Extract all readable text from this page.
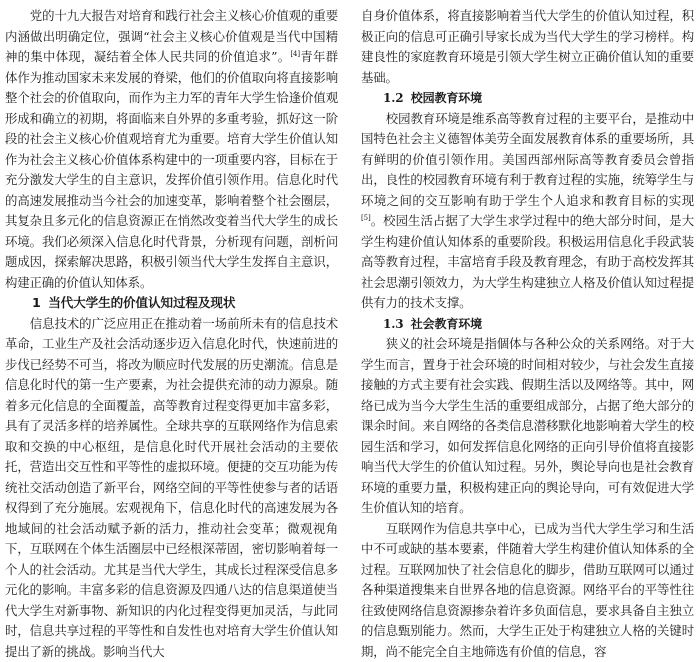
党的十九大报告对培育和践行社会主义核心价值观的重要内涵做出明确定位，强调“社会主义核心价值观是当代中国精神的集中体现，凝结着全体人民共同的价值追求”。[4]青年群体作为推动国家未来发展的脊梁，他们的价值取向将直接影响整个社会的价值取向，而作为主力军的青年大学生恰逢价值观形成和确立的初期，将面临来自外界的多重考验，抓好这一阶段的社会主义核心价值观培育尤为重要。培育大学生价值认知作为社会主义核心价值体系构建中的一项重要内容，目标在于充分激发大学生的自主意识，发挥价值引领作用。信息化时代的高速发展推动当今社会的加速变革，影响着整个社会圈层，其复杂且多元化的信息资源正在悄然改变着当代大学生的成长环境。我们必须深入信息化时代背景，分析现有问题，剖析问题成因，探索解决思路，积极引领当代大学生发挥自主意识，构建正确的价值认知体系。

1 当代大学生的价值认知过程及现状

信息技术的广泛应用正在推动着一场前所未有的信息技术革命，工业生产及社会活动逐步迈入信息化时代，快速前进的步伐已经势不可当，将改为顺应时代发展的历史潮流。信息是信息化时代的第一生产要素，为社会提供充沛的动力源泉。随着多元化信息的全面覆盖，高等教育过程变得更加丰富多彩，具有了灵活多样的培养属性。全球共享的互联网络作为信息索取和交换的中心枢纽，是信息化时代开展社会活动的主要依托，营造出交互性和平等性的虚拟环境。便捷的交互功能为传统社交活动创造了新平台，网络空间的平等性使参与者的话语权得到了充分施展。宏观视角下，信息化时代的高速发展为各地域间的社会活动赋予新的活力，推动社会变革；微观视角下，互联网在个体生活圈层中已经根深蒂固，密切影响着每一个人的社会活动。尤其是当代大学生，其成长过程深受信息多元化的影响。丰富多彩的信息资源及四通八达的信息渠道使当代大学生对新事物、新知识的内化过程变得更加灵活，与此同时，信息共享过程的平等性和自发性也对培育大学生价值认知提出了新的挑战。影响当代大

自身价值体系，将直接影响着当代大学生的价值认知过程，积极正向的信息可正确引导家长成为当代大学生的学习榜样。构建良性的家庭教育环境是引领大学生树立正确价值认知的重要基础。

1.2 校园教育环境

校园教育环境是维系高等教育过程的主要平台，是推动中国特色社会主义德智体美劳全面发展教育体系的重要场所，具有鲜明的价值引领作用。美国西部州际高等教育委员会曾指出，良性的校园教育环境有利于教育过程的实施，统筹学生与环境之间的交互影响有助于学生个人追求和教育目标的实现[5]。校园生活占据了大学生求学过程中的绝大部分时间，是大学生构建价值认知体系的重要阶段。积极运用信息化手段武装高等教育过程，丰富培育手段及教育理念，有助于高校发挥其社会思潮引领效力，为大学生构建独立人格及价值认知过程提供有力的技术支撑。

1.3 社会教育环境

狭义的社会环境是指個体与各种公众的关系网络。对于大学生而言，置身于社会环境的时间相对较少，与社会发生直接接触的方式主要有社会实践、假期生活以及网络等。其中，网络已成为当今大学生生活的重要组成部分，占据了绝大部分的课余时间。来自网络的各类信息潜移默化地影响着大学生的校园生活和学习，如何发挥信息化网络的正向引导价值将直接影响当代大学生的价值认知过程。另外，舆论导向也是社会教育环境的重要力量，积极构建正向的舆论导向，可有效促进大学生价值认知的培育。

互联网作为信息共享中心，已成为当代大学生学习和生活中不可或缺的基本要素，伴随着大学生构建价值认知体系的全过程。互联网加快了社会信息化的脚步，借助互联网可以通过各种渠道搜集来自世界各地的信息资源。网络平台的平等性往往致使网络信息资源掺杂着许多负面信息，要求具备自主独立的信息甄别能力。然而，大学生正处于构建独立人格的关键时期，尚不能完全自主地筛选有价值的信息，容
